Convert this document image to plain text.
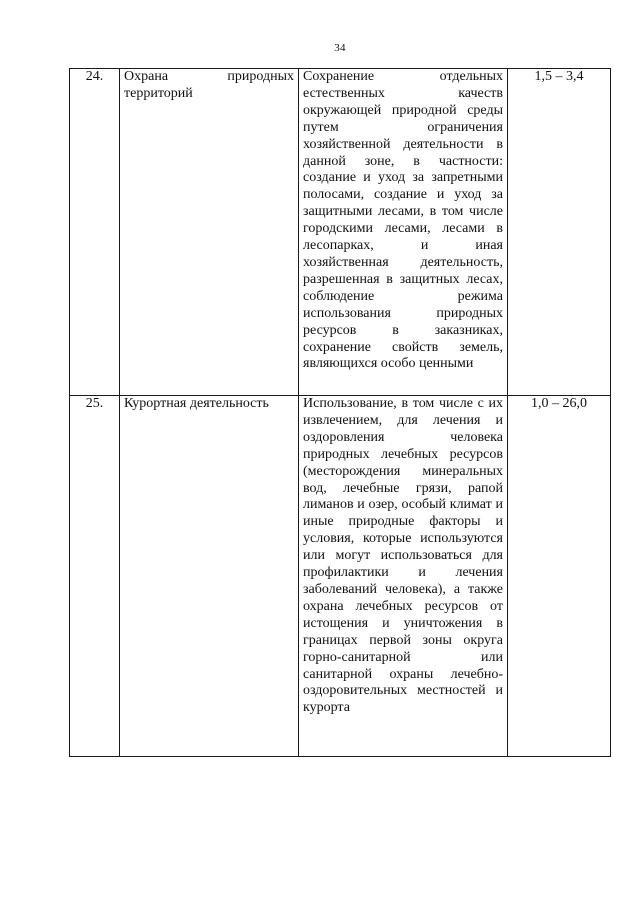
34
24.	Охрана природных территорий	Сохранение отдельных естественных качеств окружающей природной среды путем ограничения хозяйственной деятельности в данной зоне, в частности: создание и уход за запретными полосами, создание и уход за защитными лесами, в том числе городскими лесами, лесами в лесопарках, и иная хозяйственная деятельность, разрешенная в защитных лесах, соблюдение режима использования природных ресурсов в заказниках, сохранение свойств земель, являющихся особо ценными	1,5 – 3,4
25.	Курортная деятельность	Использование, в том числе с их извлечением, для лечения и оздоровления человека природных лечебных ресурсов (месторождения минеральных вод, лечебные грязи, рапой лиманов и озер, особый климат и иные природные факторы и условия, которые используются или могут использоваться для профилактики и лечения заболеваний человека), а также охрана лечебных ресурсов от истощения и уничтожения в границах первой зоны округа горно-санитарной или санитарной охраны лечебно-оздоровительных местностей и курорта	1,0 – 26,0
